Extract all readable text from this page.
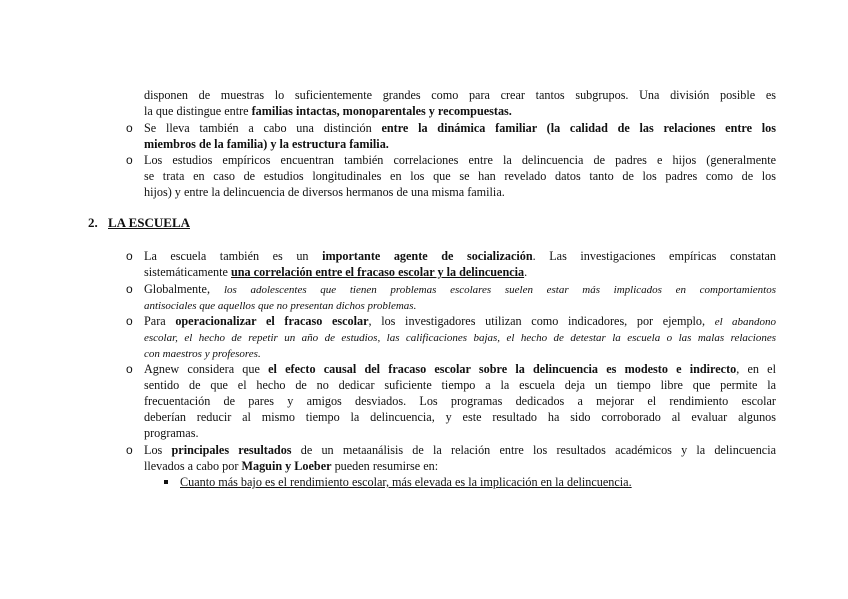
disponen de muestras lo suficientemente grandes como para crear tantos subgrupos. Una división posible es
la que distingue entre familias intactas, monoparentales y recompuestas.
o Se lleva también a cabo una distinción entre la dinámica familiar (la calidad de las relaciones entre los
miembros de la familia) y la estructura familia.
o Los estudios empíricos encuentran también correlaciones entre la delincuencia de padres e hijos (generalmente
se trata en caso de estudios longitudinales en los que se han revelado datos tanto de los padres como de los
hijos) y entre la delincuencia de diversos hermanos de una misma familia.
2. LA ESCUELA
o La escuela también es un importante agente de socialización. Las investigaciones empíricas constatan
sistemáticamente una correlación entre el fracaso escolar y la delincuencia.
o Globalmente, los adolescentes que tienen problemas escolares suelen estar más implicados en comportamientos
antisociales que aquellos que no presentan dichos problemas.
o Para operacionalizar el fracaso escolar, los investigadores utilizan como indicadores, por ejemplo, el abandono
escolar, el hecho de repetir un año de estudios, las calificaciones bajas, el hecho de detestar la escuela o las malas relaciones
con maestros y profesores.
o Agnew considera que el efecto causal del fracaso escolar sobre la delincuencia es modesto e indirecto, en el
sentido de que el hecho de no dedicar suficiente tiempo a la escuela deja un tiempo libre que permite la
frecuentación de pares y amigos desviados. Los programas dedicados a mejorar el rendimiento escolar
deberían reducir al mismo tiempo la delincuencia, y este resultado ha sido corroborado al evaluar algunos
programas.
o Los principales resultados de un metaanálisis de la relación entre los resultados académicos y la delincuencia
llevados a cabo por Maguin y Loeber pueden resumirse en:
Cuanto más bajo es el rendimiento escolar, más elevada es la implicación en la delincuencia.
